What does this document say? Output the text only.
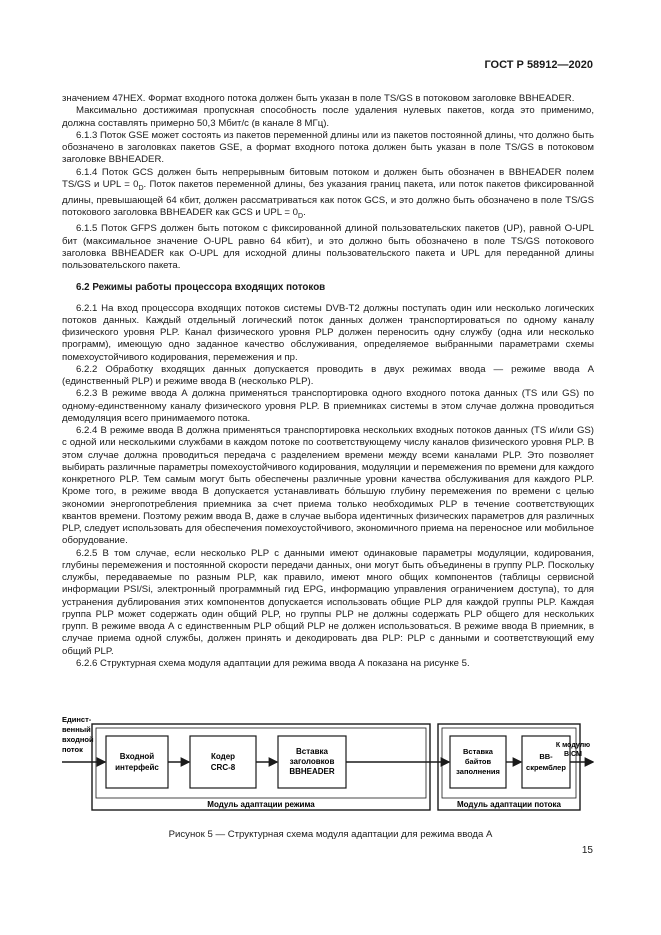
ГОСТ Р 58912—2020

значением 47HEX. Формат входного потока должен быть указан в поле TS/GS в потоковом заголовке BBHEADER.

Максимально достижимая пропускная способность после удаления нулевых пакетов, когда это применимо, должна составлять примерно 50,3 Мбит/с (в канале 8 МГц).

6.1.3 Поток GSE может состоять из пакетов переменной длины или из пакетов постоянной длины, что должно быть обозначено в заголовках пакетов GSE, а формат входного потока должен быть указан в поле TS/GS в потоковом заголовке BBHEADER.

6.1.4 Поток GCS должен быть непрерывным битовым потоком и должен быть обозначен в BBHEADER полем TS/GS и UPL = $0_D$. Поток пакетов переменной длины, без указания границ пакета, или поток пакетов фиксированной длины, превышающей 64 кбит, должен рассматриваться как поток GCS, и это должно быть обозначено в поле TS/GS потокового заголовка BBHEADER как GCS и UPL = $0_D$.

6.1.5 Поток GFPS должен быть потоком с фиксированной длиной пользовательских пакетов (UP), равной O-UPL бит (максимальное значение O-UPL равно 64 кбит), и это должно быть обозначено в поле TS/GS потокового заголовка BBHEADER как O-UPL для исходной длины пользовательского пакета и UPL для переданной длины пользовательского пакета.

6.2 Режимы работы процессора входящих потоков

6.2.1 На вход процессора входящих потоков системы DVB-T2 должны поступать один или несколько логических потоков данных. Каждый отдельный логический поток данных должен транспортироваться по одному каналу физического уровня PLP. Канал физического уровня PLP должен переносить одну службу (одна или несколько программ), имеющую одно заданное качество обслуживания, определяемое выбранными параметрами схемы помехоустойчивого кодирования, перемежения и пр.

6.2.2 Обработку входящих данных допускается проводить в двух режимах ввода — режиме ввода А (единственный PLP) и режиме ввода В (несколько PLP).

6.2.3 В режиме ввода А должна применяться транспортировка одного входного потока данных (TS или GS) по одному-единственному каналу физического уровня PLP. В приемниках системы в этом случае должна проводиться демодуляция всего принимаемого потока.

6.2.4 В режиме ввода В должна применяться транспортировка нескольких входных потоков данных (TS и/или GS) с одной или несколькими службами в каждом потоке по соответствующему числу каналов физического уровня PLP. В этом случае должна проводиться передача с разделением времени между всеми каналами PLP. Это позволяет выбирать различные параметры помехоустойчивого кодирования, модуляции и перемежения по времени для каждого конкретного PLP. Тем самым могут быть обеспечены различные уровни качества обслуживания для каждого PLP. Кроме того, в режиме ввода В допускается устанавливать бо́льшую глубину перемежения по времени с целью экономии энергопотребления приемника за счет приема только необходимых PLP в течение соответствующих квантов времени. Поэтому режим ввода В, даже в случае выбора идентичных физических параметров для различных PLP, следует использовать для обеспечения помехоустойчивого, экономичного приема на переносное или мобильное оборудование.

6.2.5 В том случае, если несколько PLP с данными имеют одинаковые параметры модуляции, кодирования, глубины перемежения и постоянной скорости передачи данных, они могут быть объединены в группу PLP. Поскольку службы, передаваемые по разным PLP, как правило, имеют много общих компонентов (таблицы сервисной информации PSI/Si, электронный программный гид EPG, информацию управления ограничением доступа), то для устранения дублирования этих компонентов допускается использовать общие PLP для каждой группы PLP. Каждая группа PLP может содержать один общий PLP, но группы PLP не должны содержать PLP общего для нескольких групп. В режиме ввода А с единственным PLP общий PLP не должен использоваться. В режиме ввода В приемник, в случае приема одной службы, должен принять и декодировать два PLP: PLP с данными и соответствующий ему общий PLP.

6.2.6 Структурная схема модуля адаптации для режима ввода А показана на рисунке 5.

Единст-
венный
входной
поток
Входной
интерфейс
Кодер
CRC-8
Вставка
заголовков
BBHEADER
Вставка
байтов
заполнения
BB-
скремблер
К модулю
BICM
Модуль адаптации режима	Модуль адаптации потока
Рисунок 5 — Структурная схема модуля адаптации для режима ввода А
15
